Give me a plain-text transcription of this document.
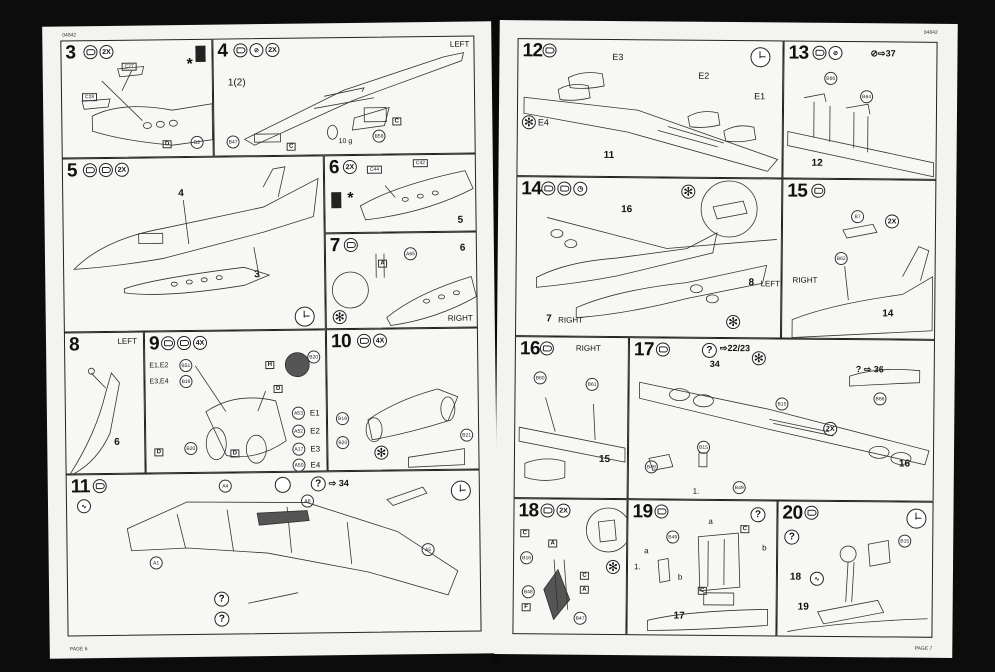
04842
3	2X
*
C27
C28
D	B2
4	⊘	2X
LEFT
1(2)
10 g
B47
C
B58
C
5	2X
4
3
6 2X
*
C44
C42
5
7
A
A65
6
RIGHT
✻
8	LEFT
6
9	4X
E1,E2
E3,E4
B51
B18
B20
B20
H
D
D	D
A53
A52
A17
A50
E1
E2
E3
E4
10	4X
B19
B20
B21
✻
11
∿
A4
A6
A1
A5
? ⇨ 34
?
?
PAGE 6
04842
12	E3
E2
E1
✻ E4
11
13	⊘	⊘⇨37
B66
B64
12
14	◷	✻
16
8 LEFT
7 RIGHT	✻
15
B7
2X
B62
RIGHT
14
16	RIGHT
B60
B61
15
17	? ⇨22/23
34	✻
? ⇨ 36
B15
B66
2X
B15
B49
B49
1.
16
18	2X
C
A
B16
C
A
B48
F
B47
✻
19	?
B49
a
b
a
b
1.
C
C
17
20
?	B15
18	∿
19
PAGE 7
